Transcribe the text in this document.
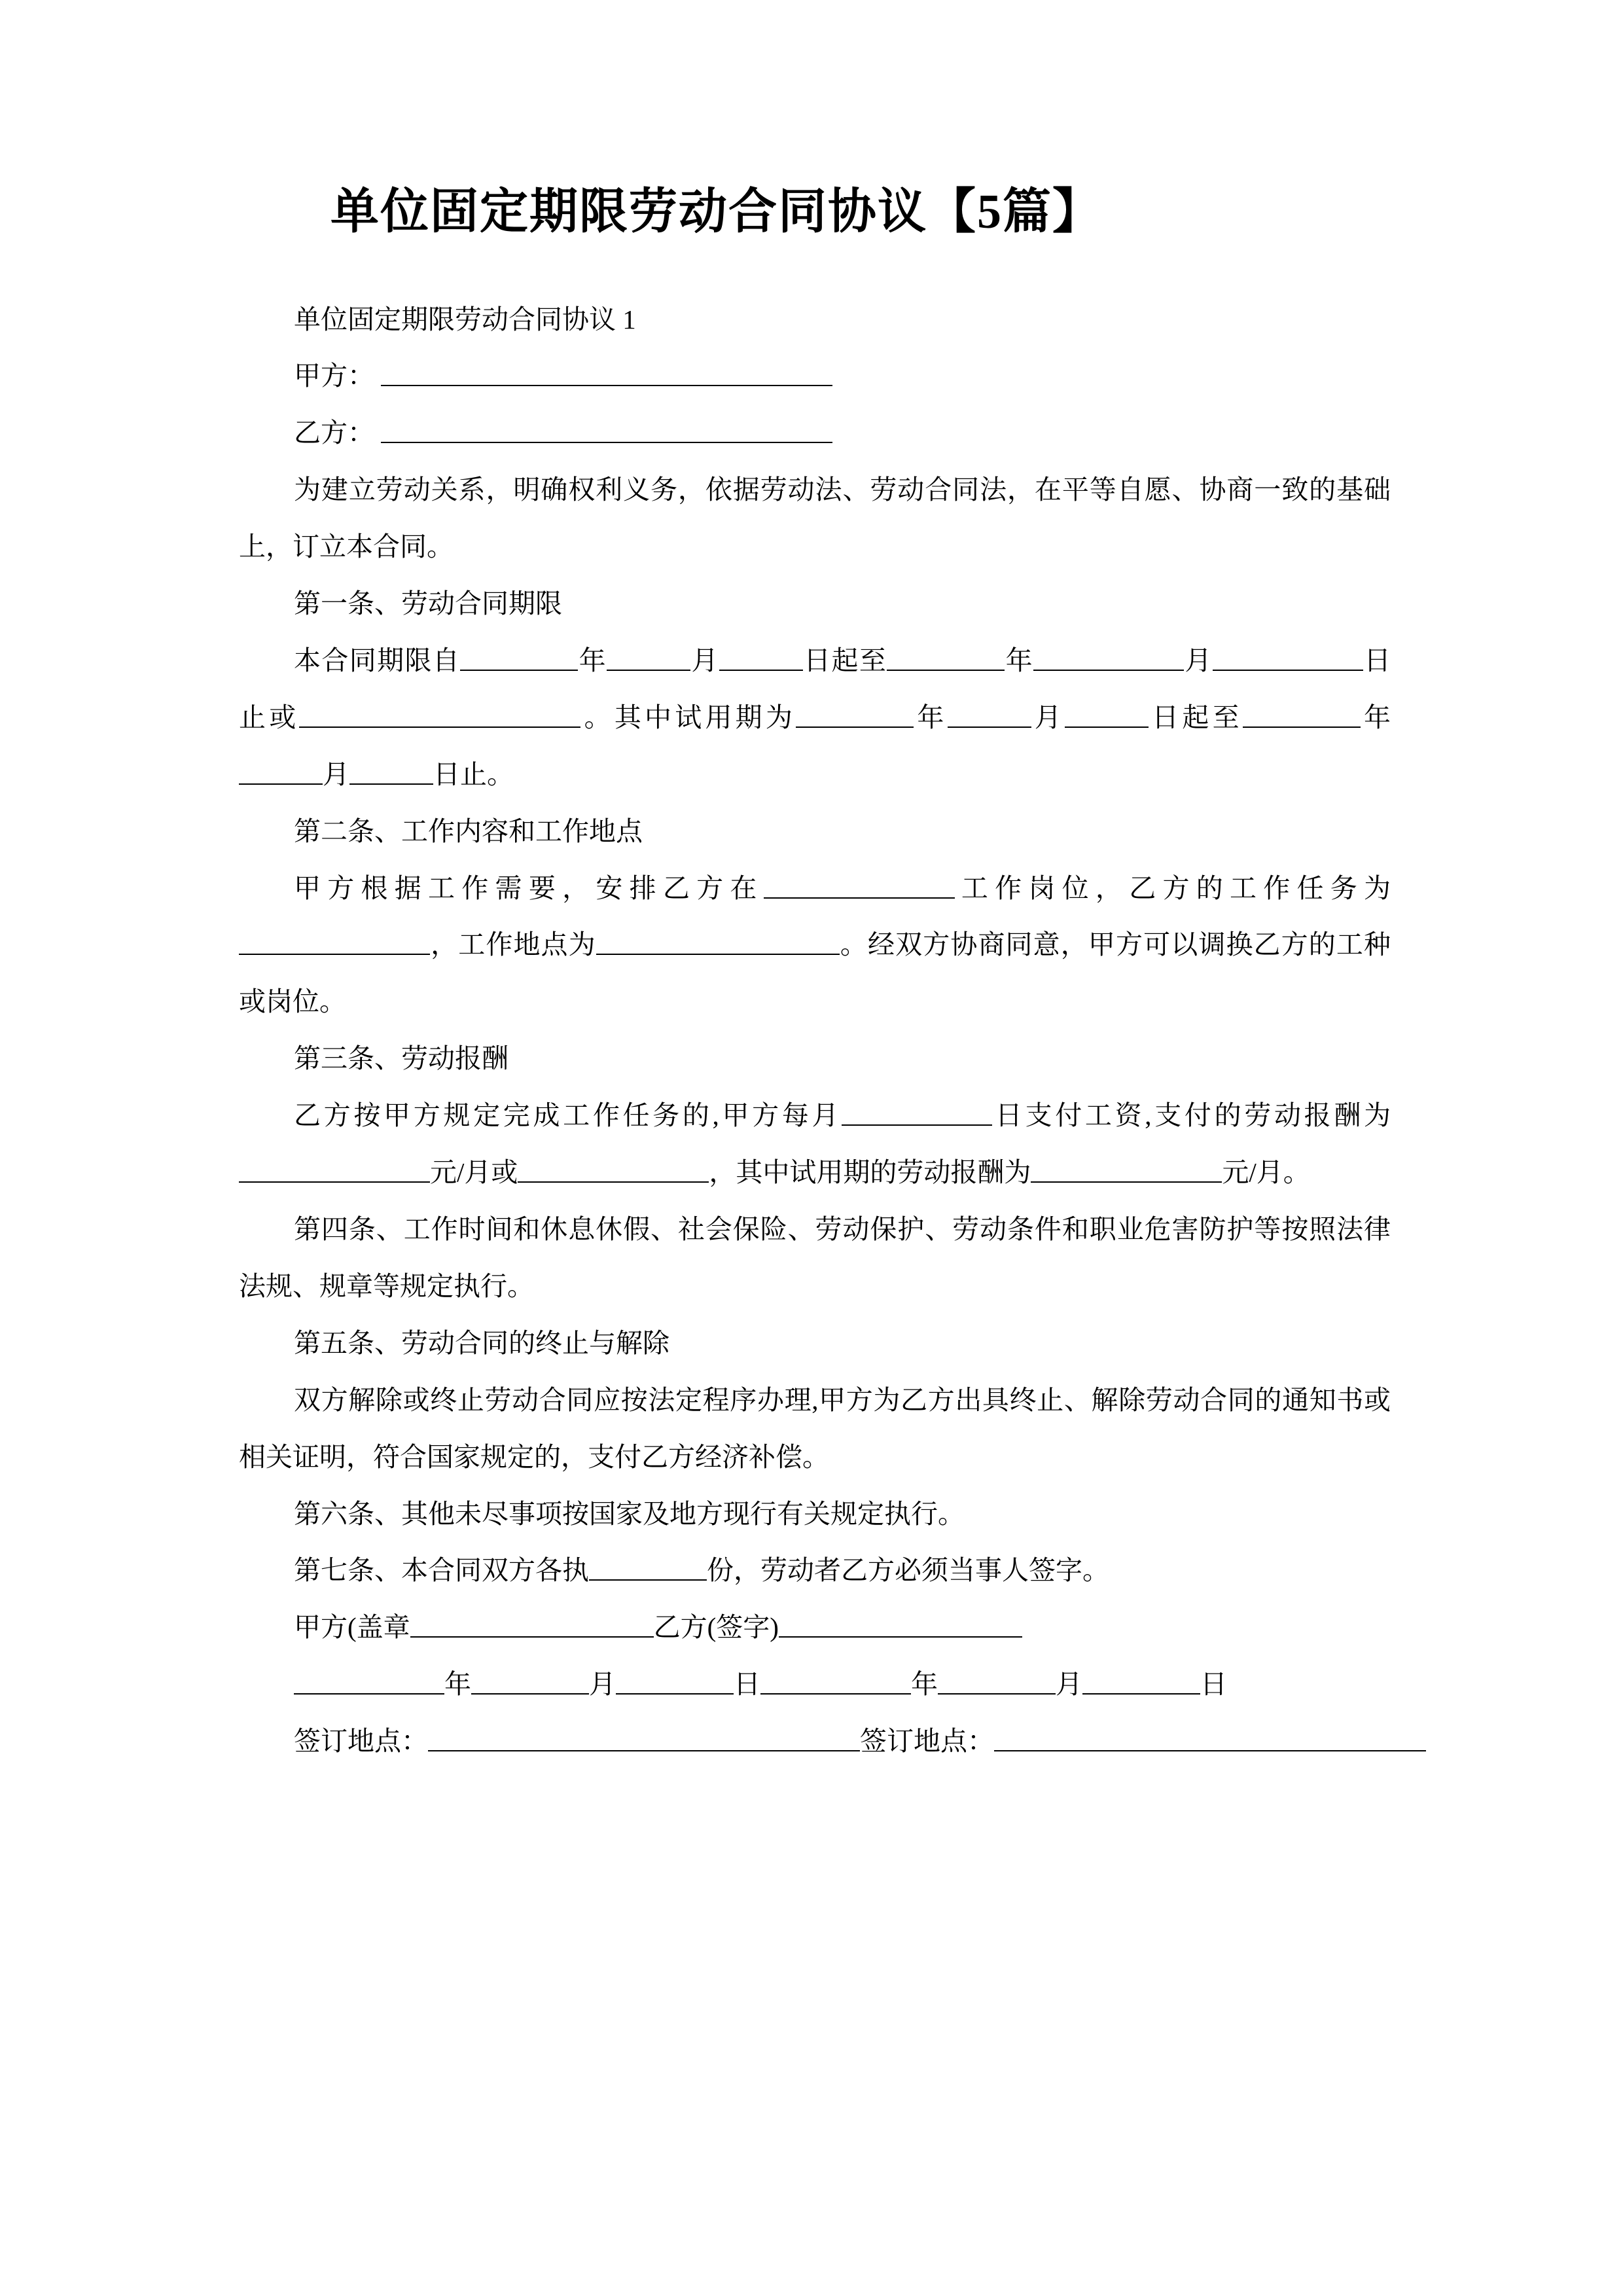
单位固定期限劳动合同协议【5篇】

单位固定期限劳动合同协议 1

甲方：

乙方：

为建立劳动关系，明确权利义务，依据劳动法、劳动合同法，在平等自愿、协商一致的基础上，订立本合同。

第一条、劳动合同期限

本合同期限自	年	月	日起至	年	月	日止或	。其中试用期为	年	月	日起至	年月	日止。

第二条、工作内容和工作地点

甲方根据工作需要，安排乙方在	工作岗位，乙方的工作任务为，工作地点为	。经双方协商同意，甲方可以调换乙方的工种或岗位。

第三条、劳动报酬

乙方按甲方规定完成工作任务的,甲方每月	日支付工资,支付的劳动报酬为元/月或	，其中试用期的劳动报酬为	元/月。

第四条、工作时间和休息休假、社会保险、劳动保护、劳动条件和职业危害防护等按照法律法规、规章等规定执行。

第五条、劳动合同的终止与解除

双方解除或终止劳动合同应按法定程序办理,甲方为乙方出具终止、解除劳动合同的通知书或相关证明，符合国家规定的，支付乙方经济补偿。

第六条、其他未尽事项按国家及地方现行有关规定执行。

第七条、本合同双方各执	份，劳动者乙方必须当事人签字。

甲方(盖章	乙方(签字)

年	月	日	年	月	日

签订地点：	签订地点：
